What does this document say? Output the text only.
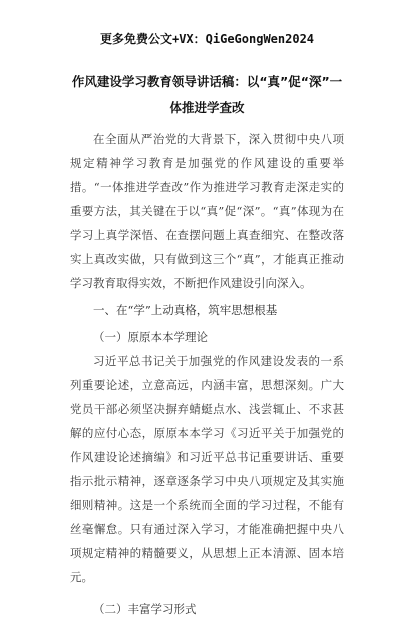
更多免费公文+VX：QiGeGongWen2024
作风建设学习教育领导讲话稿：以“真”促“深”一体推进学查改

在全面从严治党的大背景下，深入贯彻中央八项规定精神学习教育是加强党的作风建设的重要举措。“一体推进学查改”作为推进学习教育走深走实的重要方法，其关键在于以“真”促“深”。“真”体现为在学习上真学深悟、在查摆问题上真查细究、在整改落实上真改实做，只有做到这三个“真”，才能真正推动学习教育取得实效，不断把作风建设引向深入。

一、在“学”上动真格，筑牢思想根基
（一）原原本本学理论

习近平总书记关于加强党的作风建设发表的一系列重要论述，立意高远，内涵丰富，思想深刻。广大党员干部必须坚决摒弃蜻蜓点水、浅尝辄止、不求甚解的应付心态，原原本本学习《习近平关于加强党的作风建设论述摘编》和习近平总书记重要讲话、重要指示批示精神，逐章逐条学习中央八项规定及其实施细则精神。这是一个系统而全面的学习过程，不能有丝毫懈怠。只有通过深入学习，才能准确把握中央八项规定精神的精髓要义，从思想上正本清源、固本培元。

（二）丰富学习形式
